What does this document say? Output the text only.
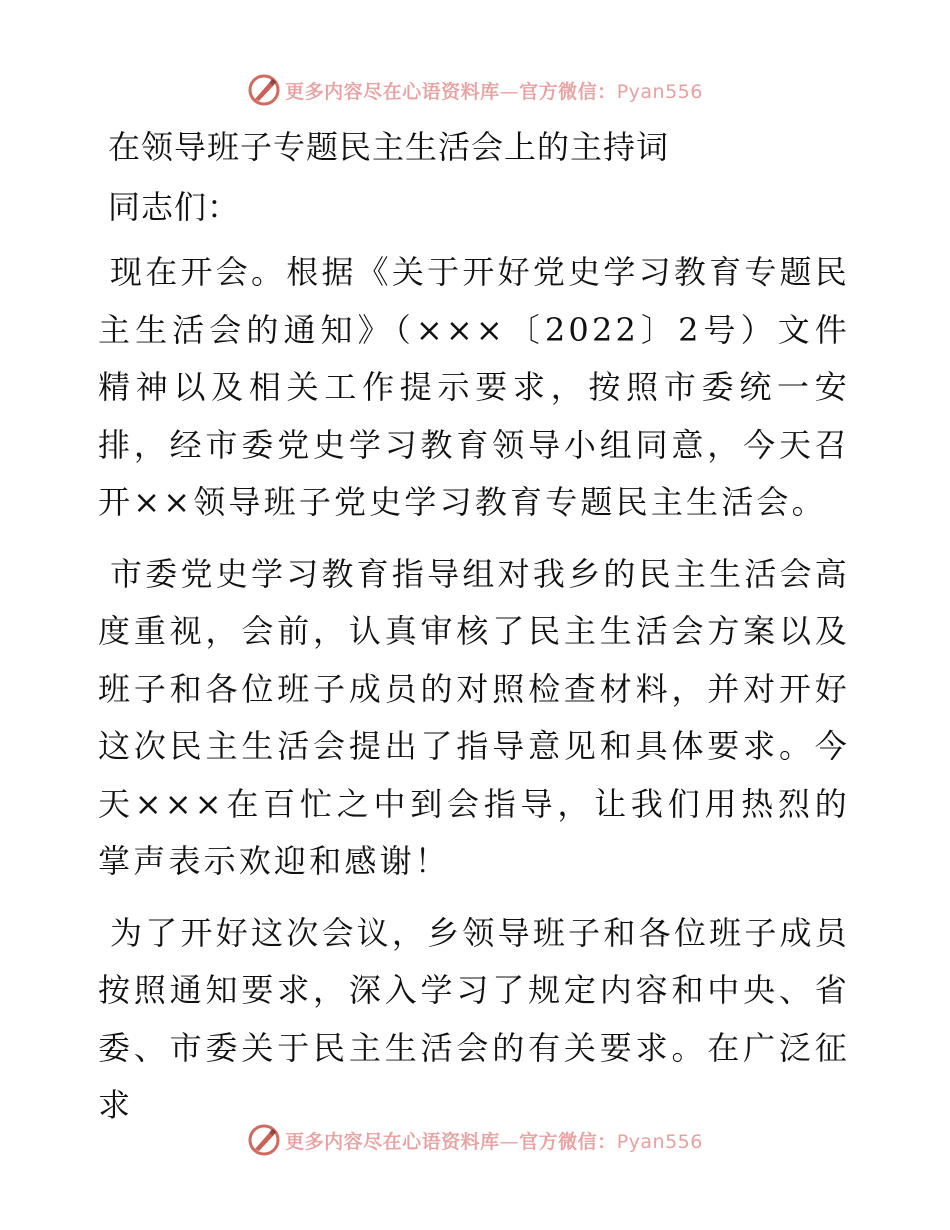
更多内容尽在心语资料库—官方微信：Pyan556
在领导班子专题民主生活会上的主持词

同志们：

现在开会。根据《关于开好党史学习教育专题民主生活会的通知》（×××〔2022〕2号）文件精神以及相关工作提示要求，按照市委统一安排，经市委党史学习教育领导小组同意，今天召开××领导班子党史学习教育专题民主生活会。

市委党史学习教育指导组对我乡的民主生活会高度重视，会前，认真审核了民主生活会方案以及班子和各位班子成员的对照检查材料，并对开好这次民主生活会提出了指导意见和具体要求。今天×××在百忙之中到会指导，让我们用热烈的掌声表示欢迎和感谢！

为了开好这次会议，乡领导班子和各位班子成员按照通知要求，深入学习了规定内容和中央、省委、市委关于民主生活会的有关要求。在广泛征求

更多内容尽在心语资料库—官方微信：Pyan556
